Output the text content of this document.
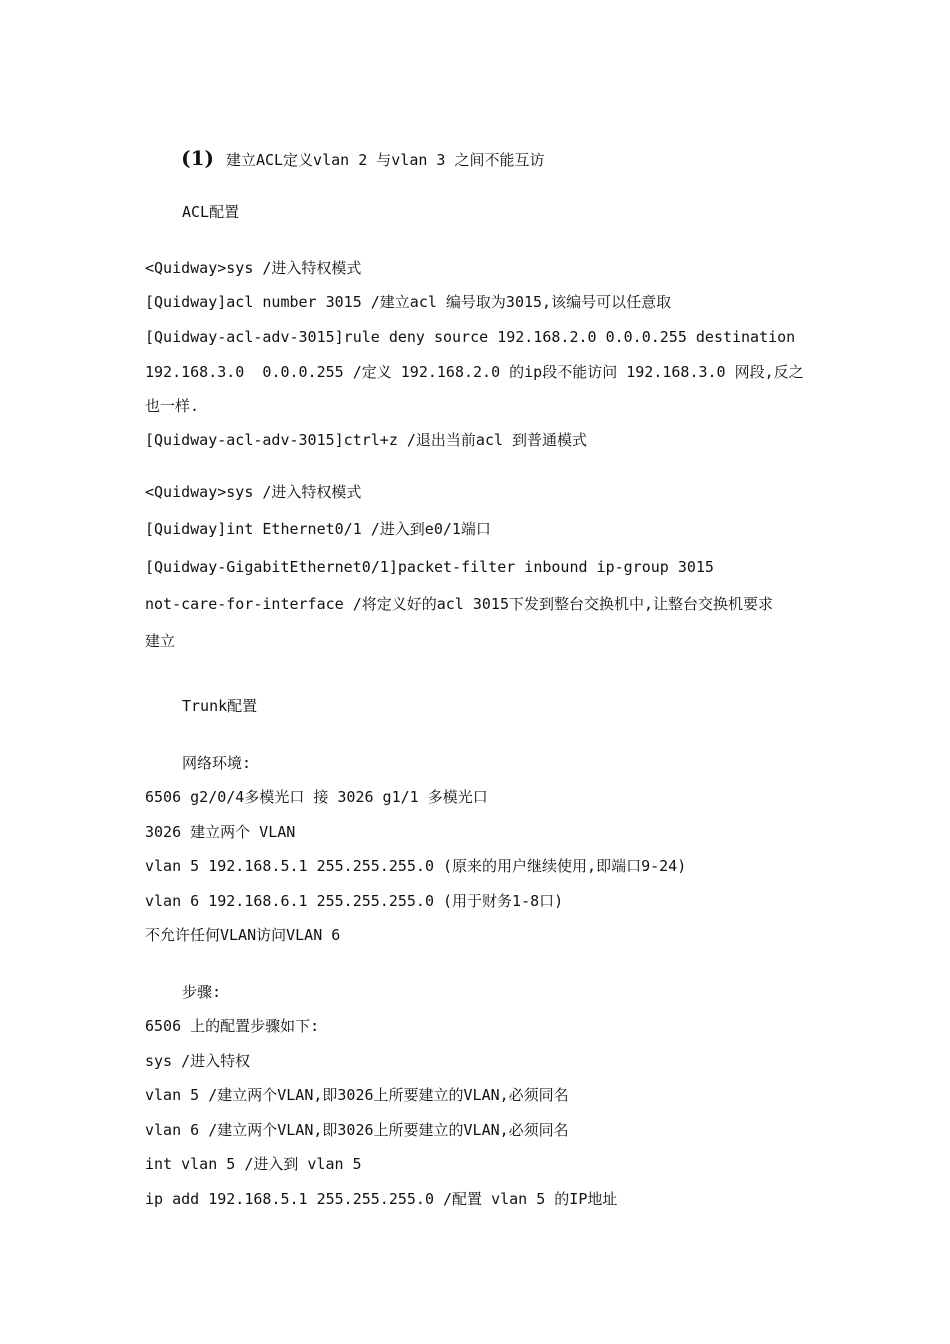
(1) 建立ACL定义vlan 2 与vlan 3 之间不能互访

ACL配置
<Quidway>sys /进入特权模式
[Quidway]acl number 3015 /建立acl 编号取为3015,该编号可以任意取
[Quidway-acl-adv-3015]rule deny source 192.168.2.0 0.0.0.255 destination
192.168.3.0  0.0.0.255 /定义 192.168.2.0 的ip段不能访问 192.168.3.0 网段,反之
也一样.
[Quidway-acl-adv-3015]ctrl+z /退出当前acl 到普通模式
<Quidway>sys /进入特权模式
[Quidway]int Ethernet0/1 /进入到e0/1端口
[Quidway-GigabitEthernet0/1]packet-filter inbound ip-group 3015
not-care-for-interface /将定义好的acl 3015下发到整台交换机中,让整台交换机要求
建立
Trunk配置
网络环境:
6506 g2/0/4多模光口 接 3026 g1/1 多模光口
3026 建立两个 VLAN
vlan 5 192.168.5.1 255.255.255.0 (原来的用户继续使用,即端口9-24)
vlan 6 192.168.6.1 255.255.255.0 (用于财务1-8口)
不允许任何VLAN访问VLAN 6
步骤:
6506 上的配置步骤如下:
sys /进入特权
vlan 5 /建立两个VLAN,即3026上所要建立的VLAN,必须同名
vlan 6 /建立两个VLAN,即3026上所要建立的VLAN,必须同名
int vlan 5 /进入到 vlan 5
ip add 192.168.5.1 255.255.255.0 /配置 vlan 5 的IP地址
